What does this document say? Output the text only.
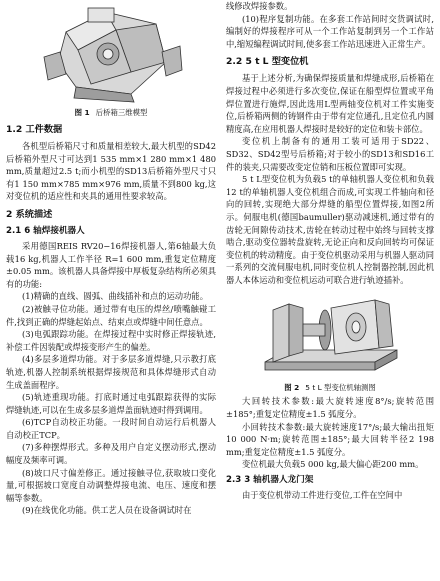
图 1 后桥箱三维模型
1.2 工件数据

各机型后桥箱尺寸和质量相差较大,最大机型的SD42后桥箱外型尺寸可达到1 535 mm×1 280 mm×1 480 mm,质量超过2.5 t;而小机型的SD13后桥箱外型尺寸只有1 150 mm×785 mm×976 mm,质量不到800 kg,这对变位机的适应性和夹具的通用性要求较高。

2 系统描述
2.1 6 轴焊接机器人

采用德国REIS RV20−16焊接机器人,第6轴最大负载16 kg,机器人工作半径 R=1 600 mm,重复定位精度±0.05 mm。该机器人具备焊接中厚板复杂结构所必须具有的功能:

(1)精确的直线、圆弧、曲线插补和点的运动功能。

(2)被触寻位功能。通过带有电压的焊丝/喷嘴触碰工件,找到正确的焊缝起始点、结束点或焊缝中间任意点。

(3)电弧跟踪功能。在焊接过程中实时修正焊接轨迹,补偿工件因装配或焊接变形产生的偏差。

(4)多层多道焊功能。对于多层多道焊缝,只示教打底轨迹,机器人控制系统根据焊接规范和具体焊缝形式自动生成盖面程序。

(5)轨迹重现功能。打底时通过电弧跟踪获得的实际焊缝轨迹,可以在生成多层多道焊盖面轨迹时得到调用。

(6)TCP自动校正功能。一段时间自动运行后机器人自动校正TCP。

(7)多种摆焊形式。多种及用户自定义摆动形式,摆动幅度及频率可调。

(8)坡口尺寸偏差修正。通过接触寻位,获取坡口变化量,可根据坡口宽度自动调整焊接电流、电压、速度和摆幅等参数。

(9)在线优化功能。供工艺人员在设备调试时在

线修改焊接参数。

(10)程序复制功能。在多套工作站间时交货调试时,编制好的焊接程序可从一个工作站复制到另一个工作站中,缩短编程调试时间,使多套工作站迅速进入正常生产。

2.2 5 t L 型变位机

基于上述分析,为确保焊接质量和焊缝成形,后桥箱在焊接过程中必须进行多次变位,保证在船型焊位置或平角焊位置进行施焊,因此选用L型两轴变位机对工件实施变位,后桥箱两侧的铸钢件由于带有定位通孔,且定位孔内圆精度高,在应用机器人焊接时是较好的定位和装卡部位。

变位机上制备有的通用工装可适用于SD22、SD32、SD42型号后桥箱;对于较小的SD13和SD16工件的装夹,只需要改变定位销和压板位置即可实现。

5 t L型变位机为负载5 t的单轴机器人变位机和负载12 t的单轴机器人变位机组合而成,可实现工件轴向和径向的回转,实现绝大部分焊缝的船型位置焊接,如图2所示。伺服电机(德国baumuller)驱动减速机,通过带有的齿轮无间隙传动技术,齿轮在转动过程中始终与回转支撑啮合,驱动变位器转盘旋转,无论正向和反向回转均可保证变位机的转动精度。由于变位机驱动采用与机器人驱动同一系列的交流伺服电机,同时变位机人控制器控制,因此机器人本体运动和变位机运动可联合进行轨迹插补。

图 2 5 t L 型变位机轴测图

大回转技术参数:最大旋转速度8°/s;旋转范围±185°;重复定位精度±1.5 弧度分。

小回转技术参数:最大旋转速度17°/s;最大输出扭矩10 000 N·m;旋转范围±185°;最大回转半径2 198 mm;重复定位精度±1.5 弧度分。

变位机最大负载5 000 kg,最大偏心距200 mm。

2.3 3 轴机器人龙门架

由于变位机带动工件进行变位,工件在空间中
